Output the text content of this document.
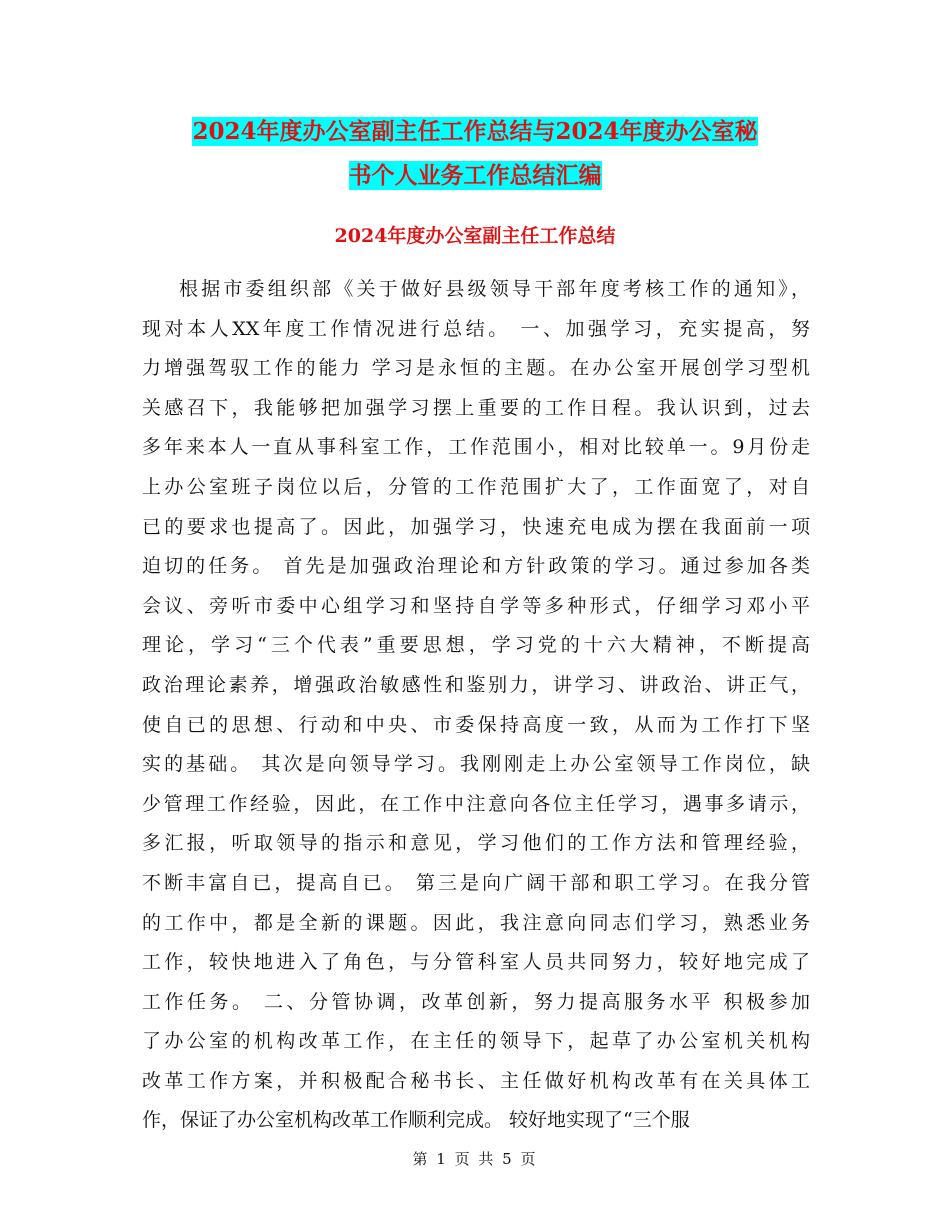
2024年度办公室副主任工作总结与2024年度办公室秘
书个人业务工作总结汇编
2024年度办公室副主任工作总结
根据市委组织部《关于做好县级领导干部年度考核工作的通知》，
现对本人XX年度工作情况进行总结。 一、加强学习，充实提高，努
力增强驾驭工作的能力 学习是永恒的主题。在办公室开展创学习型机
关感召下，我能够把加强学习摆上重要的工作日程。我认识到，过去
多年来本人一直从事科室工作，工作范围小，相对比较单一。9月份走
上办公室班子岗位以后，分管的工作范围扩大了，工作面宽了，对自
已的要求也提高了。因此，加强学习，快速充电成为摆在我面前一项
迫切的任务。 首先是加强政治理论和方针政策的学习。通过参加各类
会议、旁听市委中心组学习和坚持自学等多种形式，仔细学习邓小平
理论，学习“三个代表”重要思想，学习党的十六大精神，不断提高
政治理论素养，增强政治敏感性和鉴别力，讲学习、讲政治、讲正气，
使自已的思想、行动和中央、市委保持高度一致，从而为工作打下坚
实的基础。 其次是向领导学习。我刚刚走上办公室领导工作岗位，缺
少管理工作经验，因此，在工作中注意向各位主任学习，遇事多请示，
多汇报，听取领导的指示和意见，学习他们的工作方法和管理经验，
不断丰富自已，提高自已。 第三是向广阔干部和职工学习。在我分管
的工作中，都是全新的课题。因此，我注意向同志们学习，熟悉业务
工作，较快地进入了角色，与分管科室人员共同努力，较好地完成了
工作任务。 二、分管协调，改革创新，努力提高服务水平 积极参加
了办公室的机构改革工作，在主任的领导下，起草了办公室机关机构
改革工作方案，并积极配合秘书长、主任做好机构改革有在关具体工
作，保证了办公室机构改革工作顺利完成。 较好地实现了“三个服
第 1 页 共 5 页
